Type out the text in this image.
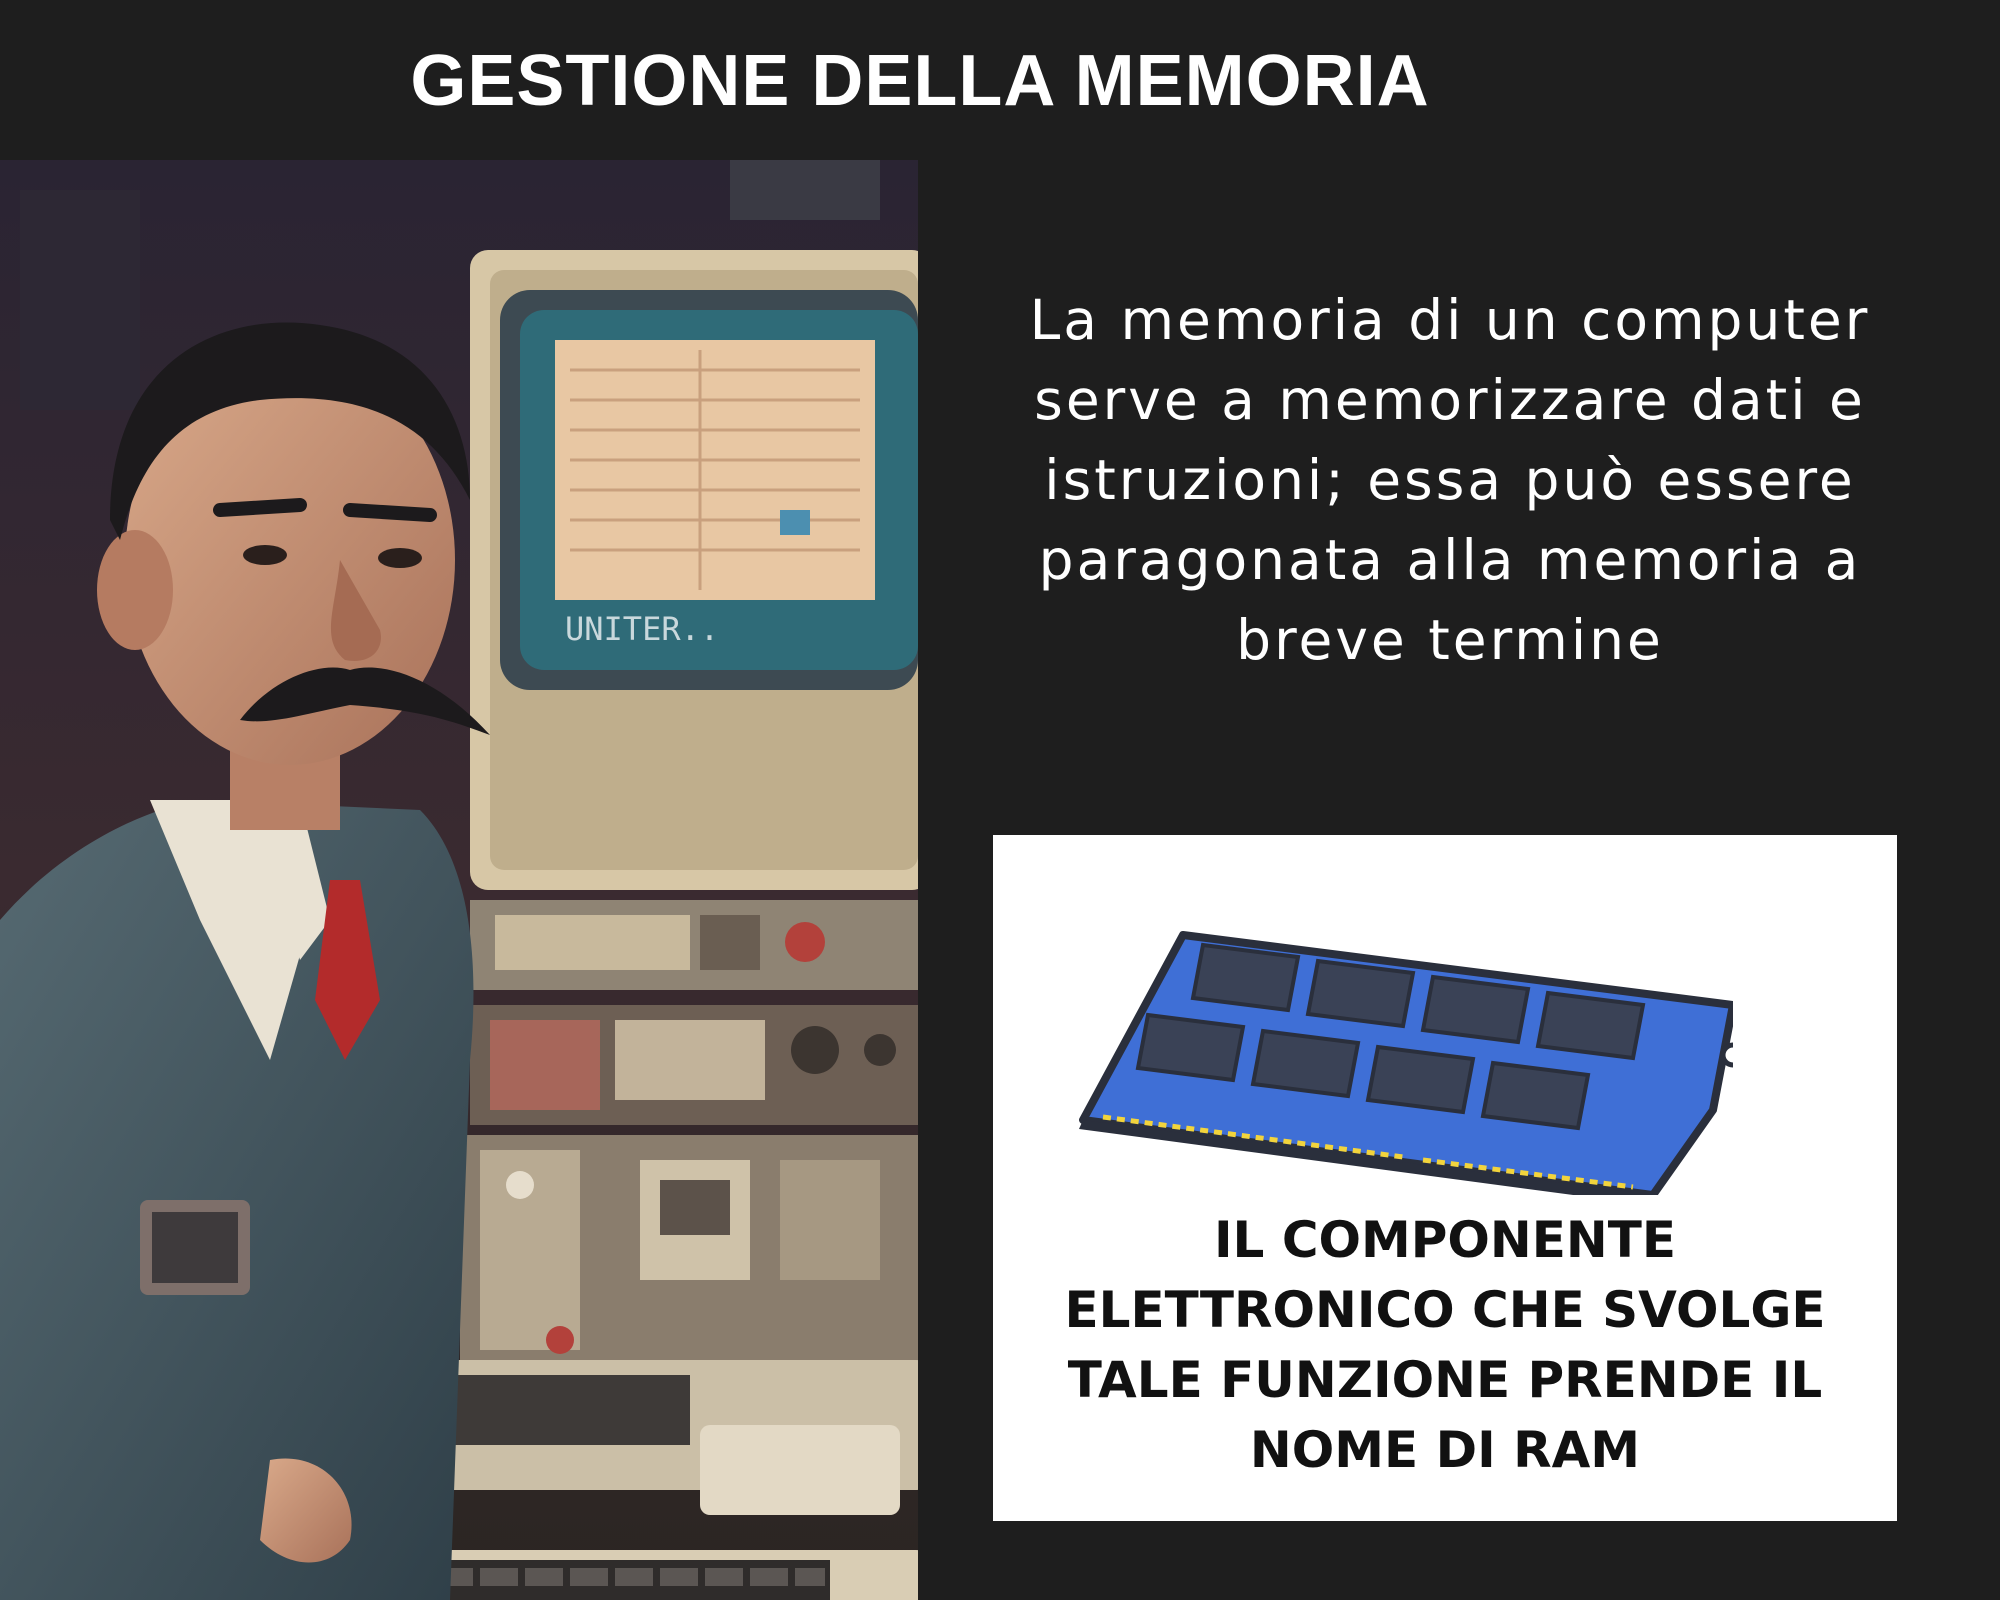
GESTIONE DELLA MEMORIA
UNITER..

La memoria di un computer serve a memorizzare dati e istruzioni; essa può essere paragonata alla memoria a breve termine

IL COMPONENTE ELETTRONICO CHE SVOLGE TALE FUNZIONE PRENDE IL NOME DI RAM
